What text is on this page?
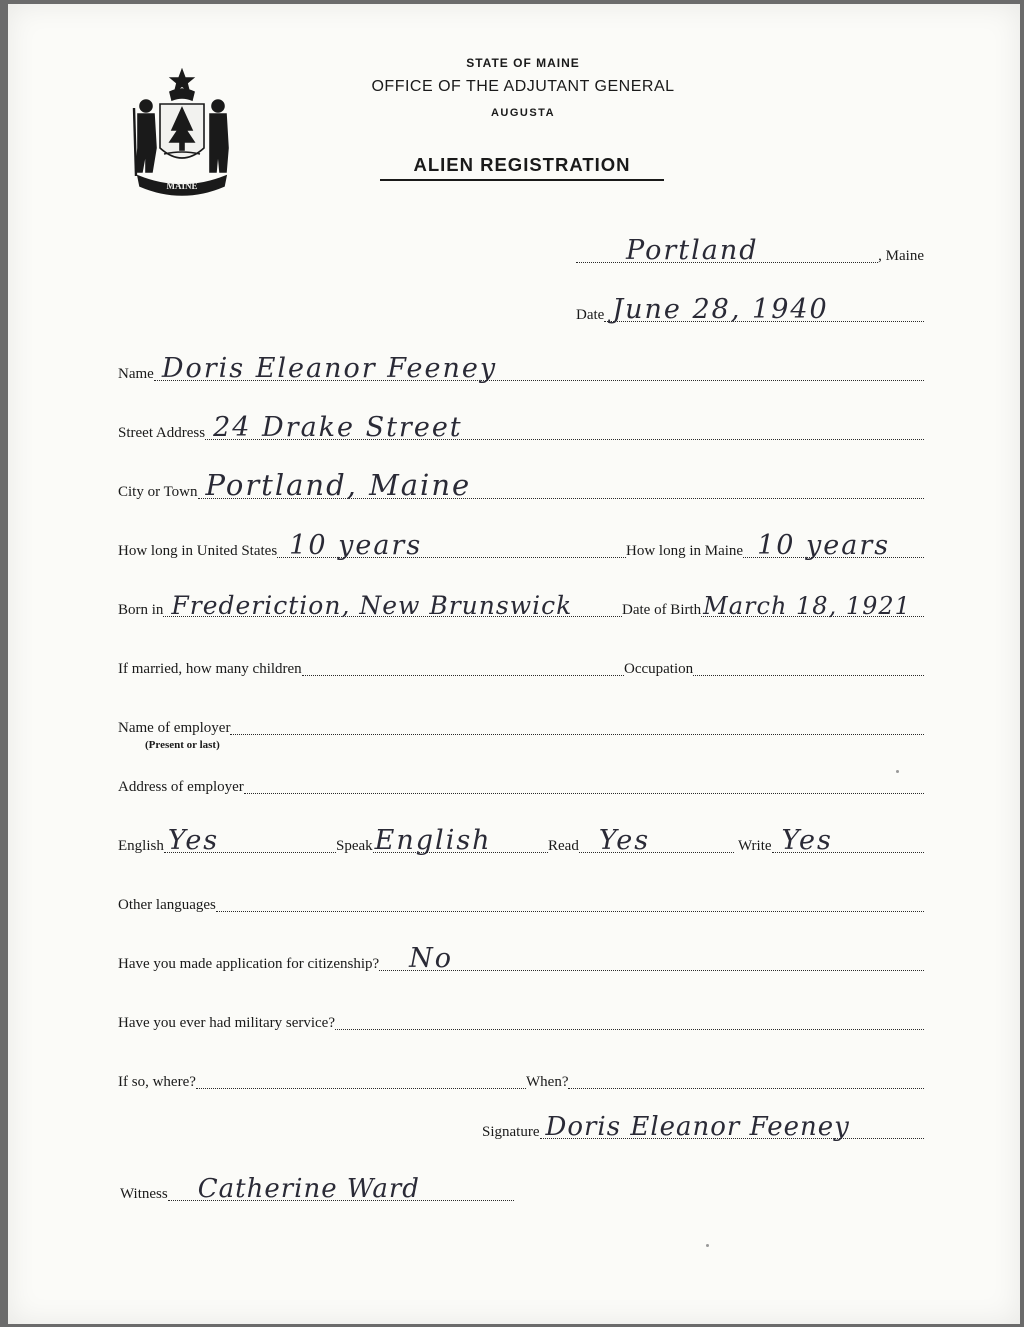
MAINE
STATE OF MAINE
OFFICE OF THE ADJUTANT GENERAL
AUGUSTA
ALIEN REGISTRATION
Portland	, Maine
Date June 28, 1940
Name Doris Eleanor Feeney
Street Address 24 Drake Street
City or Town Portland, Maine
How long in United States 10 years	How long in Maine 10 years
Born in Frederiction, New Brunswick	Date of Birth March 18, 1921
If married, how many children	Occupation
Name of employer
(Present or last)
Address of employer
English Yes	Speak English	Read Yes	Write Yes
Other languages
Have you made application for citizenship? No
Have you ever had military service?
If so, where?	When?
Signature Doris Eleanor Feeney
Witness Catherine Ward
